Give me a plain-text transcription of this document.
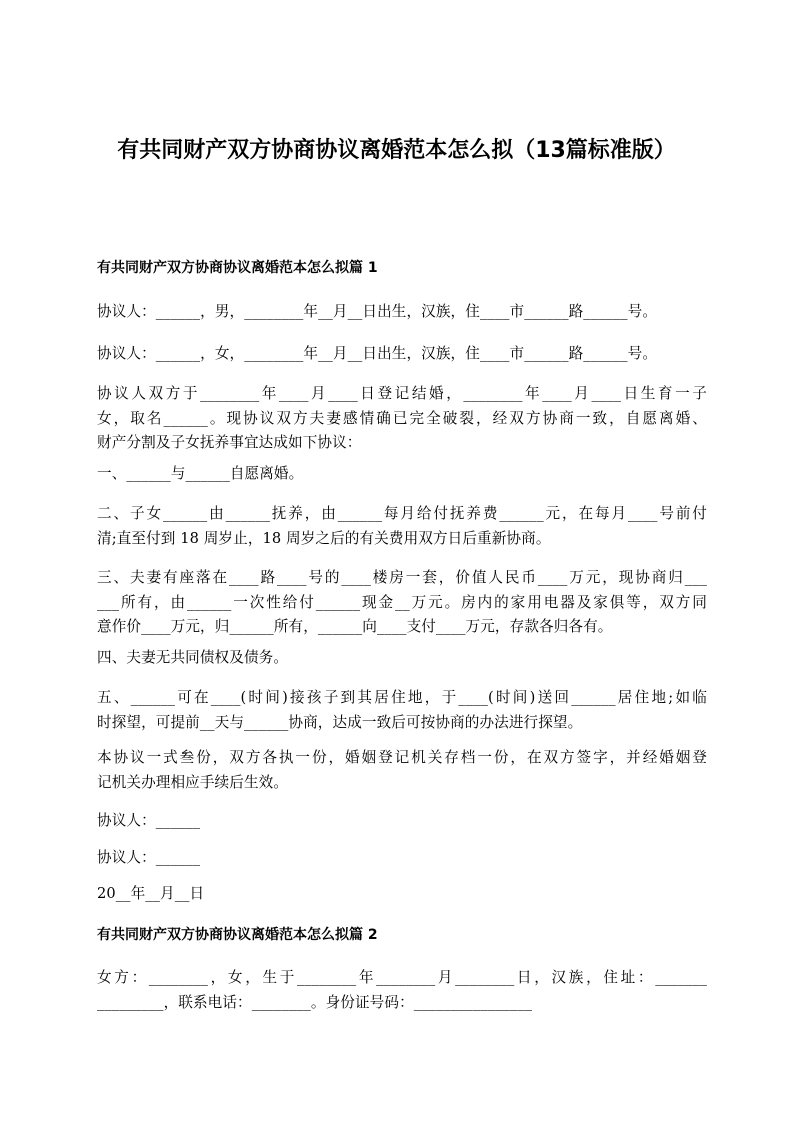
有共同财产双方协商协议离婚范本怎么拟（13篇标准版）
有共同财产双方协商协议离婚范本怎么拟篇 1
协议人：______，男，________年__月__日出生，汉族，住____市______路______号。
协议人：______，女，________年__月__日出生，汉族，住____市______路______号。
协议人双方于________年____月____日登记结婚，________年____月____日生育一子
女，取名______。现协议双方夫妻感情确已完全破裂，经双方协商一致，自愿离婚、
财产分割及子女抚养事宜达成如下协议：
一、______与______自愿离婚。
二、子女______由______抚养，由______每月给付抚养费______元，在每月____号前付
清;直至付到 18 周岁止，18 周岁之后的有关费用双方日后重新协商。
三、夫妻有座落在____路____号的____楼房一套，价值人民币____万元，现协商归___
___所有，由______一次性给付______现金__万元。房内的家用电器及家俱等，双方同
意作价____万元，归______所有，______向____支付____万元，存款各归各有。
四、夫妻无共同债权及债务。
五、______可在____(时间)接孩子到其居住地，于____(时间)送回______居住地;如临
时探望，可提前__天与______协商，达成一致后可按协商的办法进行探望。
本协议一式叁份，双方各执一份，婚姻登记机关存档一份，在双方签字，并经婚姻登
记机关办理相应手续后生效。
协议人：______
协议人：______
20__年__月__日
有共同财产双方协商协议离婚范本怎么拟篇 2
女方：________，女，生于________年________月________日，汉族，住址：_______
_________，联系电话：________。身份证号码：________________
